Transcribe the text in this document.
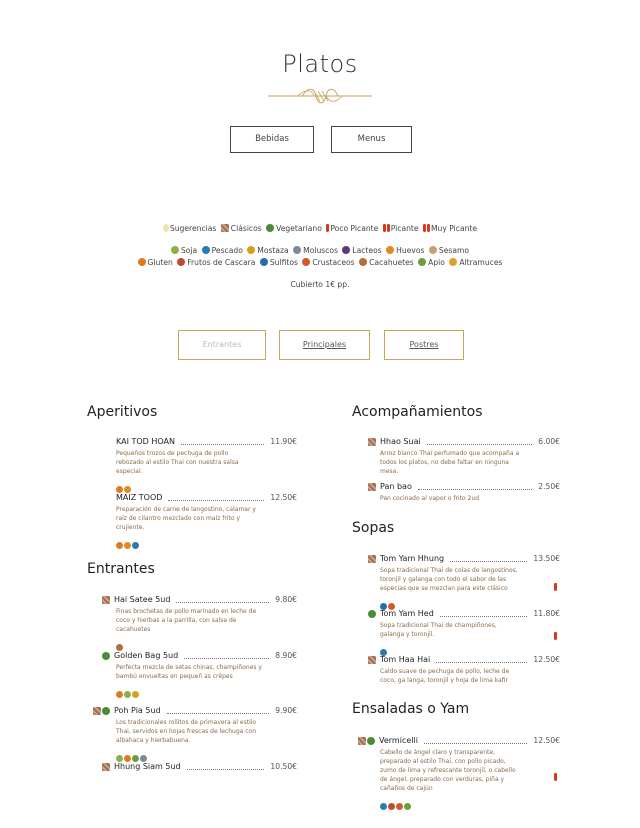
Platos
Bebidas	Menus
Sugerencias Clásicos Vegetariano Poco Picante Picante Muy Picante
Soja Pescado Mostaza Moluscos Lacteos Huevos Sesamo
Gluten Frutos de Cascara Sulfitos Crustaceos Cacahuetes Apio Altramuces
Cubierto 1€ pp.
Entrantes	Principales	Postres
Aperitivos
KAI TOD HOAN	11.90€
Pequeños trozos de pechuga de pollo rebozado al estilo Thai con nuestra salsa especial.
MAIZ TOOD	12.50€
Preparación de carne de langostino, calamar y raíz de cilantro mezclado con maíz frito y crujiente.
Entrantes
Hai Satee 5ud	9.80€
Finas brochetas de pollo marinado en leche de coco y hierbas a la parrilla, con salsa de cacahuetes
Golden Bag 5ud	8.90€
Perfecta mezcla de setas chinas, champiñones y bambú envueltas en pequeñ as crêpes
Poh Pia 5ud	9.90€
Los tradicionales rollitos de primavera al estilo Thai, servidos en hojas frescas de lechuga con albahaca y hierbabuena.
Hhung Siam 5ud	10.50€
Acompañamientos
Hhao Suai	6.00€
Arroz blanco Thai perfumado que acompaña a todos los platos, no debe faltar en ninguna mesa.
Pan bao	2.50€
Pan cocinado al vapor o frito 2ud
Sopas
Tom Yam Hhung	13.50€
Sopa tradicional Thai de colas de langostinos, toronjil y galanga con todo el sabor de las especias que se mezclan para este clásico
Tom Yam Hed	11.80€
Sopa tradicional Thai de champiñones, galanga y toronjil.
Tom Haa Hai	12.50€
Caldo suave de pechuga de pollo, leche de coco, ga langa, toronjil y hoja de lima kafir
Ensaladas o Yam
Vermicelli	12.50€
Cabello de ángel claro y transparente, preparado al estilo Thai, con pollo picado, zumo de lima y refrescante toronjil, o cabello de ángel, preparado con verduras, piña y cañaños de cajún
